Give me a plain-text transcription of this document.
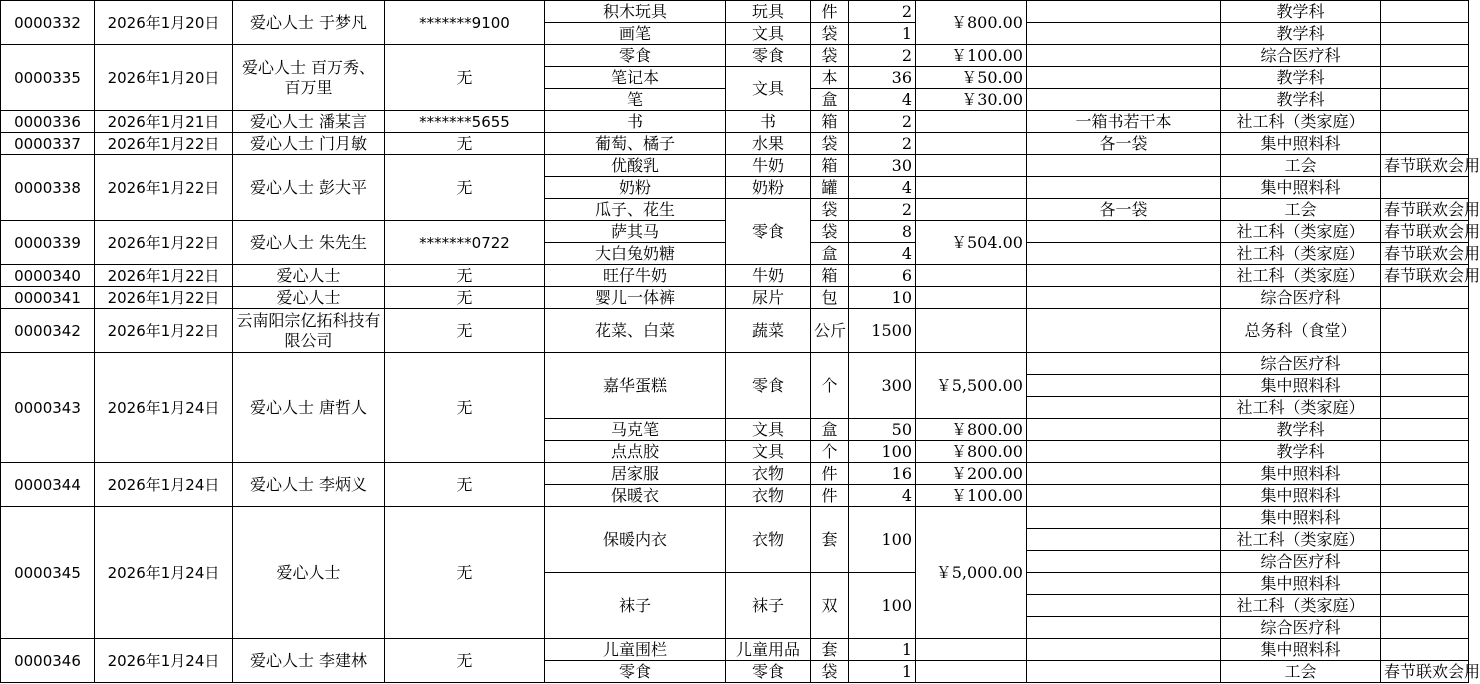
0000332	2026年1月20日	爱心人士 于梦凡	*******9100	积木玩具	玩具	件	2	￥800.00		教学科	
				画笔	文具	袋	1			教学科	
0000335	2026年1月20日	爱心人士 百万秀、百万里	无	零食	零食	袋	2	￥100.00		综合医疗科	
				笔记本	文具	本	36	￥50.00		教学科	
				笔		盒	4	￥30.00		教学科	
0000336	2026年1月21日	爱心人士 潘某言	*******5655	书	书	箱	2		一箱书若干本	社工科（类家庭）	
0000337	2026年1月22日	爱心人士 门月敏	无	葡萄、橘子	水果	袋	2		各一袋	集中照料科	
0000338	2026年1月22日	爱心人士 彭大平	无	优酸乳	牛奶	箱	30			工会	春节联欢会用
				奶粉	奶粉	罐	4			集中照料科	
				瓜子、花生	零食	袋	2		各一袋	工会	春节联欢会用
0000339	2026年1月22日	爱心人士 朱先生	*******0722	萨其马		袋	8	￥504.00		社工科（类家庭）	春节联欢会用
				大白兔奶糖		盒	4			社工科（类家庭）	春节联欢会用
0000340	2026年1月22日	爱心人士	无	旺仔牛奶	牛奶	箱	6			社工科（类家庭）	春节联欢会用
0000341	2026年1月22日	爱心人士	无	婴儿一体裤	尿片	包	10			综合医疗科	
0000342	2026年1月22日	云南阳宗亿拓科技有限公司	无	花菜、白菜	蔬菜	公斤	1500			总务科（食堂）	
0000343	2026年1月24日	爱心人士 唐哲人	无	嘉华蛋糕	零食	个	300	￥5,500.00		综合医疗科	
										集中照料科	
										社工科（类家庭）	
				马克笔	文具	盒	50	￥800.00		教学科	
				点点胶	文具	个	100	￥800.00		教学科	
0000344	2026年1月24日	爱心人士 李炳义	无	居家服	衣物	件	16	￥200.00		集中照料科	
				保暖衣	衣物	件	4	￥100.00		集中照料科	
0000345	2026年1月24日	爱心人士	无	保暖内衣	衣物	套	100	￥5,000.00		集中照料科	
										社工科（类家庭）	
										综合医疗科	
				袜子	袜子	双	100			集中照料科	
										社工科（类家庭）	
										综合医疗科	
0000346	2026年1月24日	爱心人士 李建林	无	儿童围栏	儿童用品	套	1			集中照料科	
				零食	零食	袋	1			工会	春节联欢会用
